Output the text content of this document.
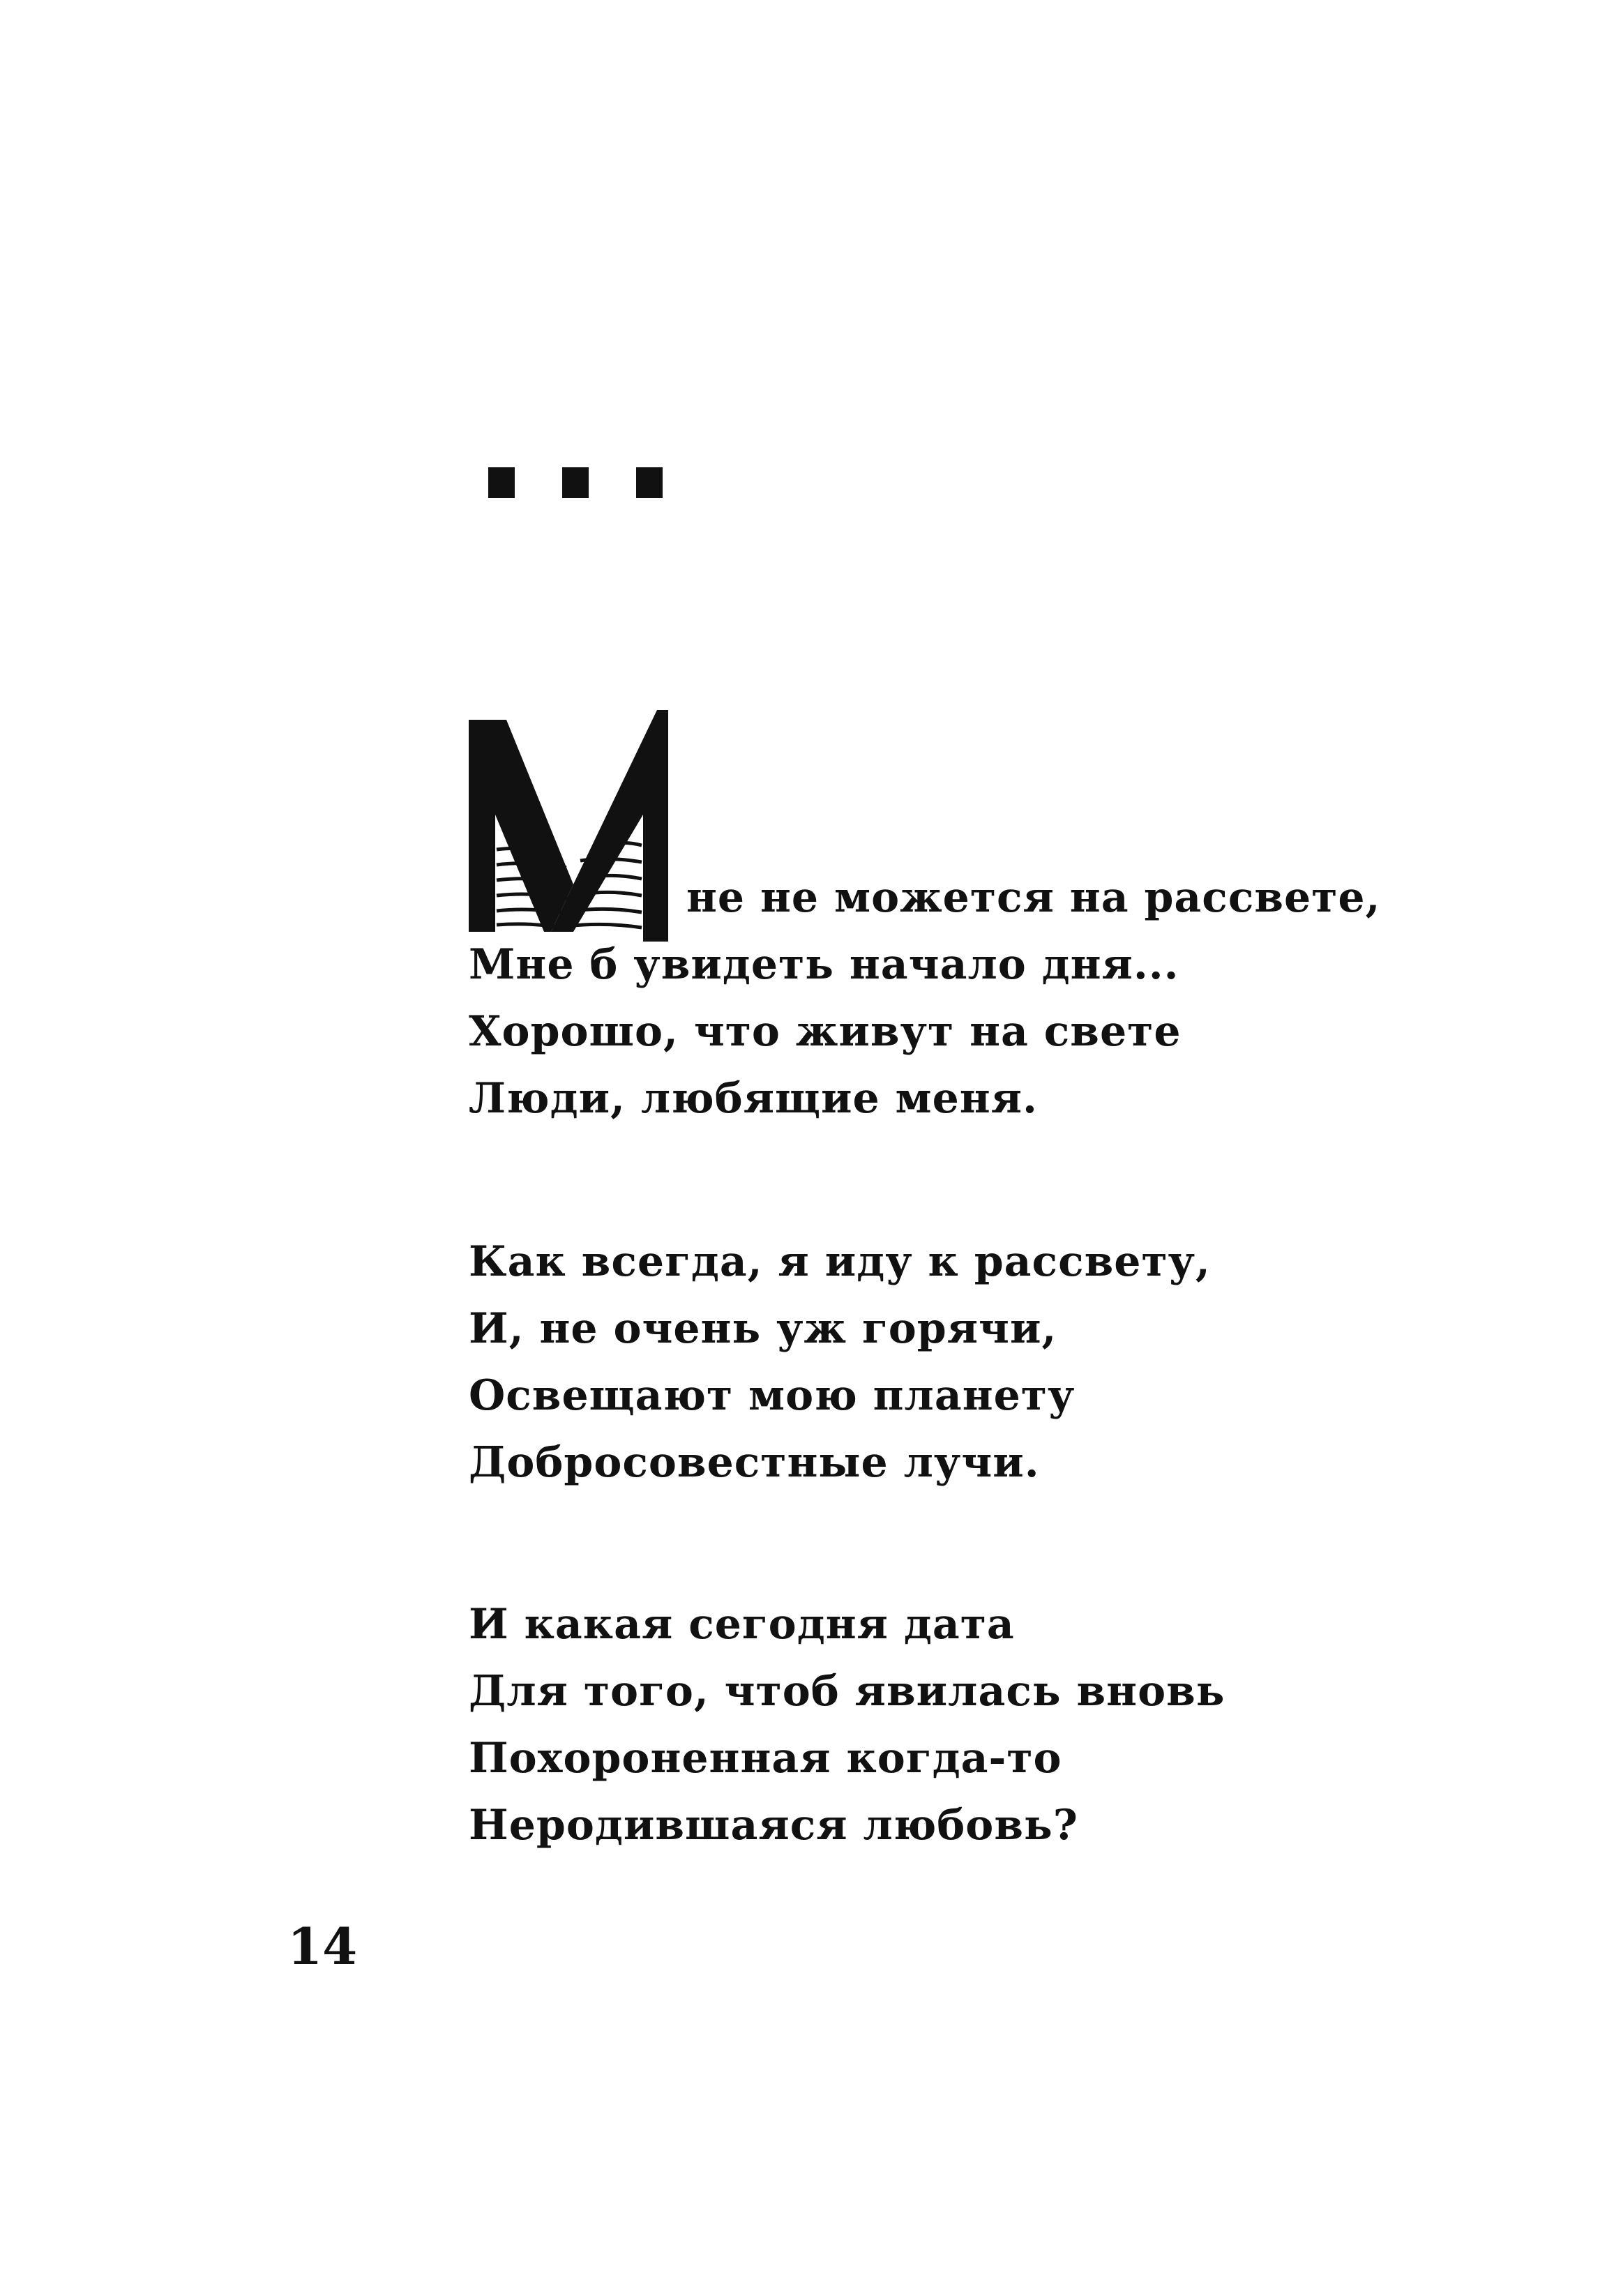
не не можется на рассвете,
Мне б увидеть начало дня...
Хорошо, что живут на свете
Люди, любящие меня.
Как всегда, я иду к рассвету,
И, не очень уж горячи,
Освещают мою планету
Добросовестные лучи.
И какая сегодня дата
Для того, чтоб явилась вновь
Похороненная когда-то
Неродившаяся любовь?
14
